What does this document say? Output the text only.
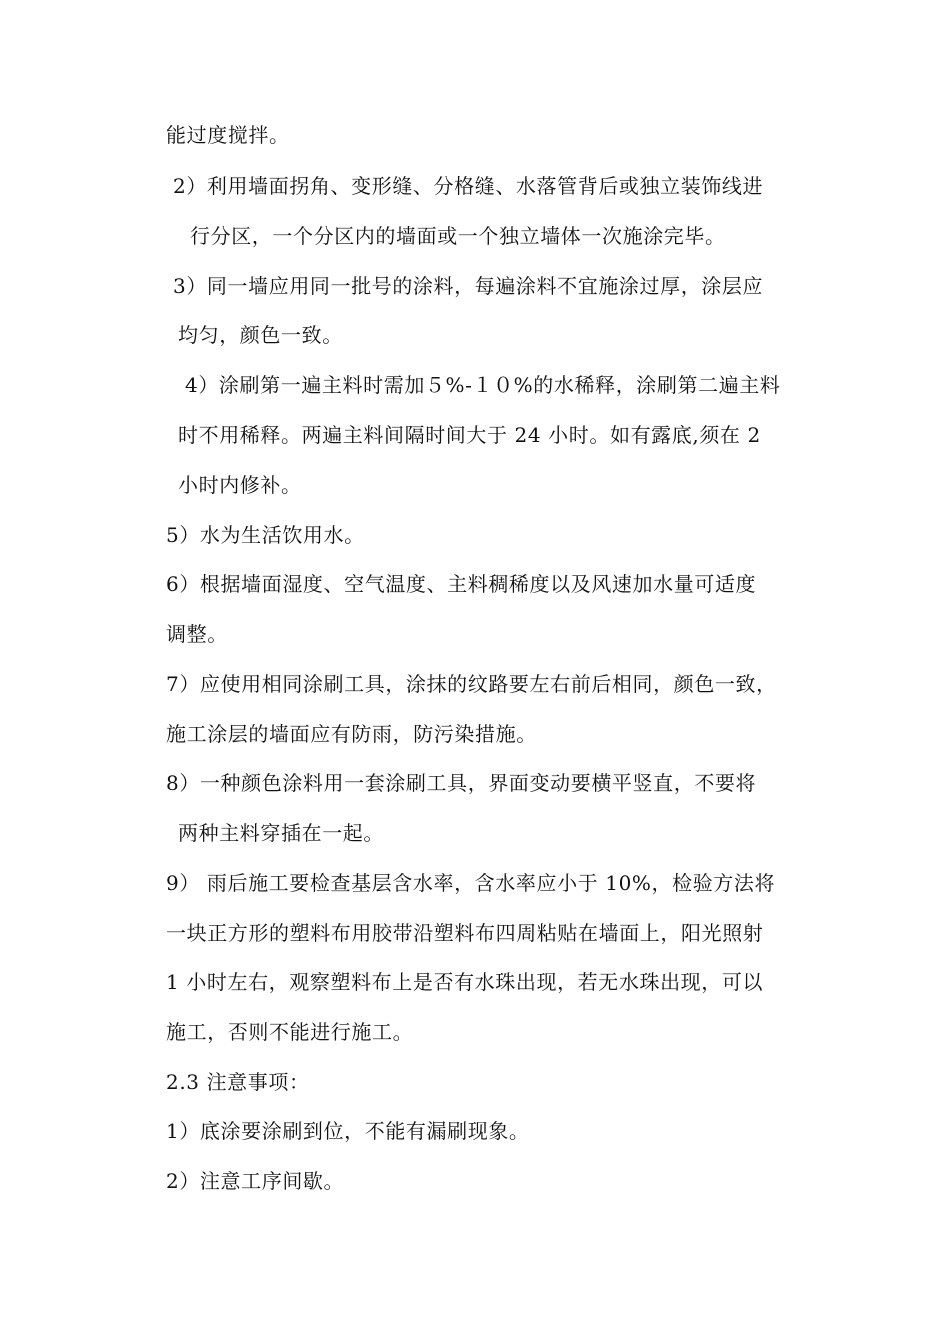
能过度搅拌。
2）利用墙面拐角、变形缝、分格缝、水落管背后或独立装饰线进
行分区，一个分区内的墙面或一个独立墙体一次施涂完毕。
3）同一墙应用同一批号的涂料，每遍涂料不宜施涂过厚，涂层应
均匀，颜色一致。
4）涂刷第一遍主料时需加５%-１０%的水稀释，涂刷第二遍主料
时不用稀释。两遍主料间隔时间大于 24 小时。如有露底,须在 2
小时内修补。
5）水为生活饮用水。
6）根据墙面湿度、空气温度、主料稠稀度以及风速加水量可适度
调整。
7）应使用相同涂刷工具，涂抹的纹路要左右前后相同，颜色一致，
施工涂层的墙面应有防雨，防污染措施。
8）一种颜色涂料用一套涂刷工具，界面变动要横平竖直，不要将
两种主料穿插在一起。
9） 雨后施工要检查基层含水率，含水率应小于 10%，检验方法将
一块正方形的塑料布用胶带沿塑料布四周粘贴在墙面上，阳光照射
1 小时左右，观察塑料布上是否有水珠出现，若无水珠出现，可以
施工，否则不能进行施工。
2.3 注意事项：
1）底涂要涂刷到位，不能有漏刷现象。
2）注意工序间歇。
